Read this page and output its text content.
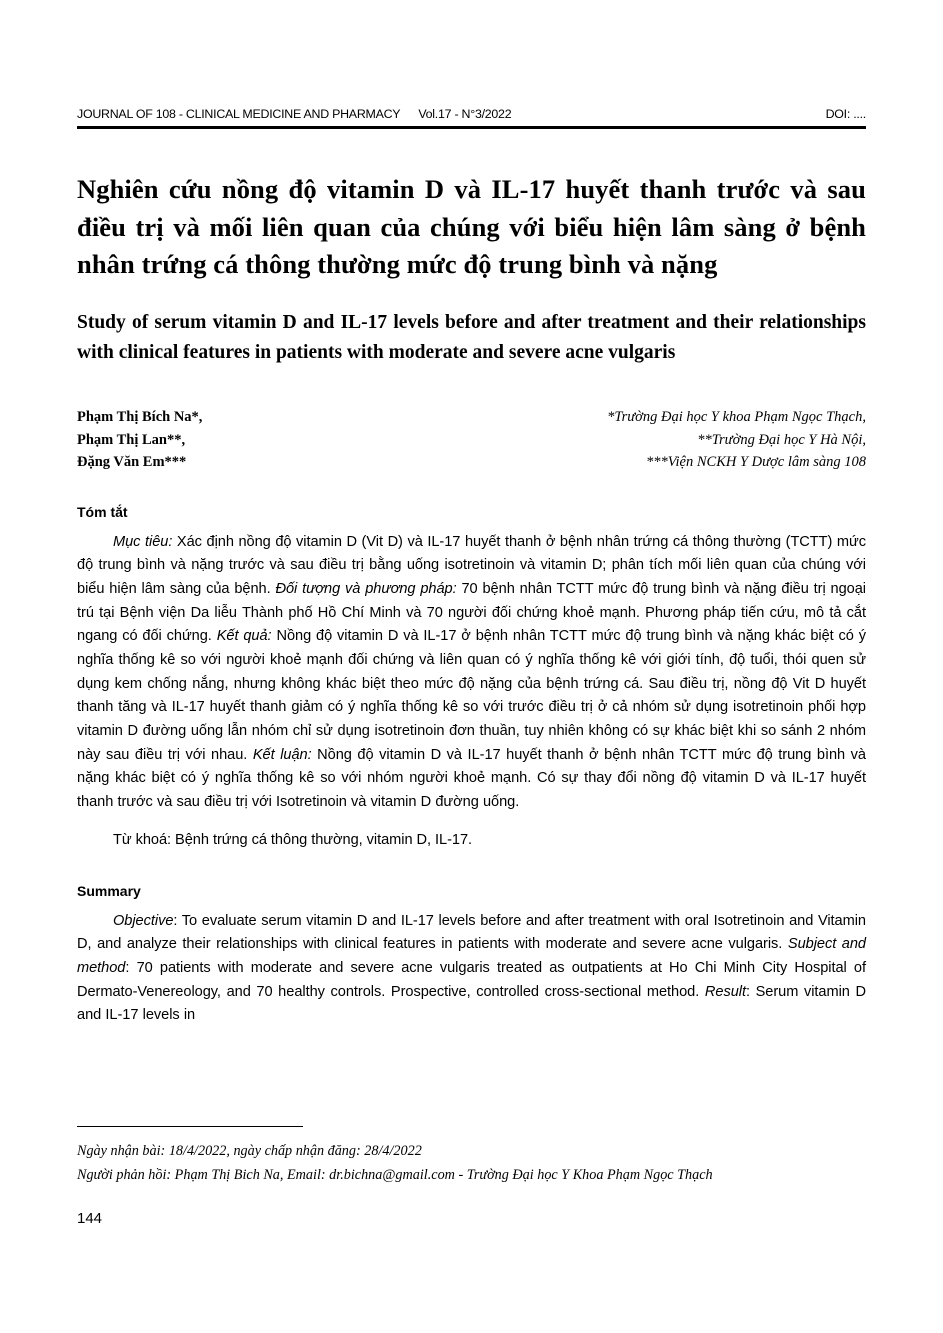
JOURNAL OF 108 - CLINICAL MEDICINE AND PHARMACY Vol.17 - N°3/2022	DOI: ....
Nghiên cứu nồng độ vitamin D và IL-17 huyết thanh trước và sau điều trị và mối liên quan của chúng với biểu hiện lâm sàng ở bệnh nhân trứng cá thông thường mức độ trung bình và nặng
Study of serum vitamin D and IL-17 levels before and after treatment and their relationships with clinical features in patients with moderate and severe acne vulgaris
Phạm Thị Bích Na*,
Phạm Thị Lan**,
Đặng Văn Em***
*Trường Đại học Y khoa Phạm Ngọc Thạch,
**Trường Đại học Y Hà Nội,
***Viện NCKH Y Dược lâm sàng 108
Tóm tắt

Mục tiêu: Xác định nồng độ vitamin D (Vit D) và IL-17 huyết thanh ở bệnh nhân trứng cá thông thường (TCTT) mức độ trung bình và nặng trước và sau điều trị bằng uống isotretinoin và vitamin D; phân tích mối liên quan của chúng với biểu hiện lâm sàng của bệnh. Đối tượng và phương pháp: 70 bệnh nhân TCTT mức độ trung bình và nặng điều trị ngoại trú tại Bệnh viện Da liễu Thành phố Hồ Chí Minh và 70 người đối chứng khoẻ mạnh. Phương pháp tiến cứu, mô tả cắt ngang có đối chứng. Kết quả: Nồng độ vitamin D và IL-17 ở bệnh nhân TCTT mức độ trung bình và nặng khác biệt có ý nghĩa thống kê so với người khoẻ mạnh đối chứng và liên quan có ý nghĩa thống kê với giới tính, độ tuổi, thói quen sử dụng kem chống nắng, nhưng không khác biệt theo mức độ nặng của bệnh trứng cá. Sau điều trị, nồng độ Vit D huyết thanh tăng và IL-17 huyết thanh giảm có ý nghĩa thống kê so với trước điều trị ở cả nhóm sử dụng isotretinoin phối hợp vitamin D đường uống lẫn nhóm chỉ sử dụng isotretinoin đơn thuần, tuy nhiên không có sự khác biệt khi so sánh 2 nhóm này sau điều trị với nhau. Kết luận: Nồng độ vitamin D và IL-17 huyết thanh ở bệnh nhân TCTT mức độ trung bình và nặng khác biệt có ý nghĩa thống kê so với nhóm người khoẻ mạnh. Có sự thay đổi nồng độ vitamin D và IL-17 huyết thanh trước và sau điều trị với Isotretinoin và vitamin D đường uống.

Từ khoá: Bệnh trứng cá thông thường, vitamin D, IL-17.

Summary

Objective: To evaluate serum vitamin D and IL-17 levels before and after treatment with oral Isotretinoin and Vitamin D, and analyze their relationships with clinical features in patients with moderate and severe acne vulgaris. Subject and method: 70 patients with moderate and severe acne vulgaris treated as outpatients at Ho Chi Minh City Hospital of Dermato-Venereology, and 70 healthy controls. Prospective, controlled cross-sectional method. Result: Serum vitamin D and IL-17 levels in

Ngày nhận bài: 18/4/2022, ngày chấp nhận đăng: 28/4/2022
Người phản hồi: Phạm Thị Bich Na, Email: dr.bichna@gmail.com - Trường Đại học Y Khoa Phạm Ngọc Thạch
144
